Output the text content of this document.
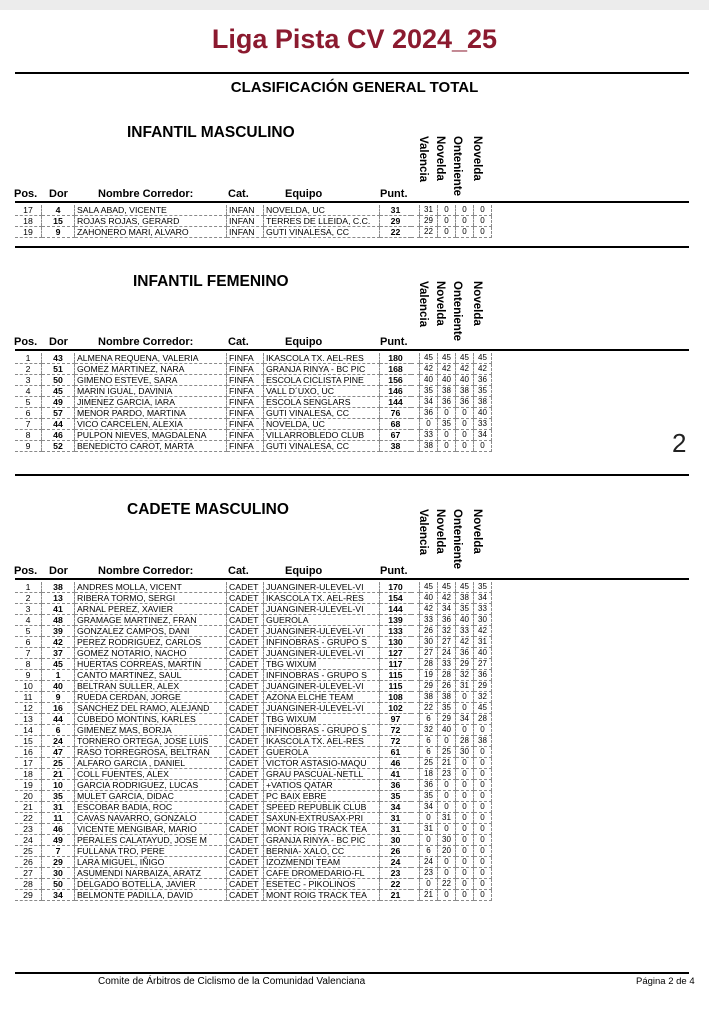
Liga Pista CV 2024_25
CLASIFICACIÓN GENERAL TOTAL
INFANTIL MASCULINO
Valencia Novelda Onteniente Novelda
Pos. Dor	Nombre Corredor:	Cat.	Equipo	Punt.
17	4	SALA ABAD, VICENTE	INFAN	NOVELDA, UC	31		31	0	0	0
18	15	ROJAS ROJAS, GERARD	INFAN	TERRES DE LLEIDA, C.C.	29		29	0	0	0
19	9	ZAHONERO MARI, ALVARO	INFAN	GUTI VINALESA, CC	22		22	0	0	0
INFANTIL FEMENINO	Valencia Novelda Onteniente Novelda
Pos. Dor	Nombre Corredor:	Cat.	Equipo	Punt.
1	43	ALMENA REQUENA, VALERIA	FINFA	IKASCOLA TX. AEL-RES	180		45	45	45	45
2	51	GOMEZ MARTINEZ, NARA	FINFA	GRANJA RINYA - BC PIC	168		42	42	42	42
3	50	GIMENO ESTEVE, SARA	FINFA	ESCOLA CICLISTA PINE	156		40	40	40	36
4	45	MARIN IGUAL, DAVINIA	FINFA	VALL D´UXO, UC	146		35	38	38	35
5	49	JIMENEZ GARCIA, IARA	FINFA	ESCOLA SENGLARS	144		34	36	36	38
6	57	MENOR PARDO, MARTINA	FINFA	GUTI VINALESA, CC	76		36	0	0	40
7	44	VICO CARCELEN, ALEXIA	FINFA	NOVELDA, UC	68		0	35	0	33
8	46	PULPON NIEVES, MAGDALENA	FINFA	VILLARROBLEDO CLUB	67		33	0	0	34
9	52	BENEDICTO CAROT, MARTA	FINFA	GUTI VINALESA, CC	38		38	0	0	0
CADETE MASCULINO	Valencia Novelda Onteniente Novelda
Pos. Dor	Nombre Corredor:	Cat.	Equipo	Punt.
1	38	ANDRES MOLLA, VICENT	CADET	JUANGINER-ULEVEL-VI	170		45	45	45	35
2	13	RIBERA TORMO, SERGI	CADET	IKASCOLA TX. AEL-RES	154		40	42	38	34
3	41	ARNAL PEREZ, XAVIER	CADET	JUANGINER-ULEVEL-VI	144		42	34	35	33
4	48	GRAMAGE MARTINEZ, FRAN	CADET	GUEROLA	139		33	36	40	30
5	39	GONZALEZ CAMPOS, DANI	CADET	JUANGINER-ULEVEL-VI	133		26	32	33	42
6	42	PEREZ RODRIGUEZ, CARLOS	CADET	INFINOBRAS - GRUPO S	130		30	27	42	31
7	37	GOMEZ NOTARIO, NACHO	CADET	JUANGINER-ULEVEL-VI	127		27	24	36	40
8	45	HUERTAS CORREAS, MARTIN	CADET	TBG WIXUM	117		28	33	29	27
9	1	CANTO MARTINEZ, SAUL	CADET	INFINOBRAS - GRUPO S	115		19	28	32	36
10	40	BELTRAN SULLER, ALEX	CADET	JUANGINER-ULEVEL-VI	115		29	26	31	29
11	9	RUEDA CERDAN, JORGE	CADET	AZONA ELCHE TEAM	108		38	38	0	32
12	16	SANCHEZ DEL RAMO, ALEJAND	CADET	JUANGINER-ULEVEL-VI	102		22	35	0	45
13	44	CUBEDO MONTINS, KARLES	CADET	TBG WIXUM	97		6	29	34	28
14	6	GIMENEZ MAS, BORJA	CADET	INFINOBRAS - GRUPO S	72		32	40	0	0
15	24	TORNERO ORTEGA, JOSE LUIS	CADET	IKASCOLA TX. AEL-RES	72		6	0	28	38
16	47	RASO TORREGROSA, BELTRAN	CADET	GUEROLA	61		6	25	30	0
17	25	ALFARO GARCIA , DANIEL	CADET	VICTOR ASTASIO-MAQU	46		25	21	0	0
18	21	COLL FUENTES, ALEX	CADET	GRAU PASCUAL-NETLL	41		18	23	0	0
19	10	GARCIA RODRIGUEZ, LUCAS	CADET	+VATIOS QATAR	36		36	0	0	0
20	35	MULET GARCIA, DIDAC	CADET	PC BAIX EBRE	35		35	0	0	0
21	31	ESCOBAR BADIA, ROC	CADET	SPEED REPUBLIK CLUB	34		34	0	0	0
22	11	CAVAS NAVARRO, GONZALO	CADET	SAXUN-EXTRUSAX-PRI	31		0	31	0	0
23	46	VICENTE MENGIBAR, MARIO	CADET	MONT ROIG TRACK TEA	31		31	0	0	0
24	49	PERALES CALATAYUD, JOSE M	CADET	GRANJA RINYA - BC PIC	30		0	30	0	0
25	7	FULLANA TRO, PERE	CADET	BERNIA- XALO, CC	26		6	20	0	0
26	29	LARA MIGUEL, IÑIGO	CADET	IZOZMENDI TEAM	24		24	0	0	0
27	30	ASUMENDI NARBAIZA, ARATZ	CADET	CAFE DROMEDARIO-FL	23		23	0	0	0
28	50	DELGADO BOTELLA, JAVIER	CADET	ESETEC - PIKOLINOS	22		0	22	0	0
29	34	BELMONTE PADILLA, DAVID	CADET	MONT ROIG TRACK TEA	21		21	0	0	0
2
Comite de Árbitros de Ciclismo de la Comunidad Valenciana	Página 2 de 4
